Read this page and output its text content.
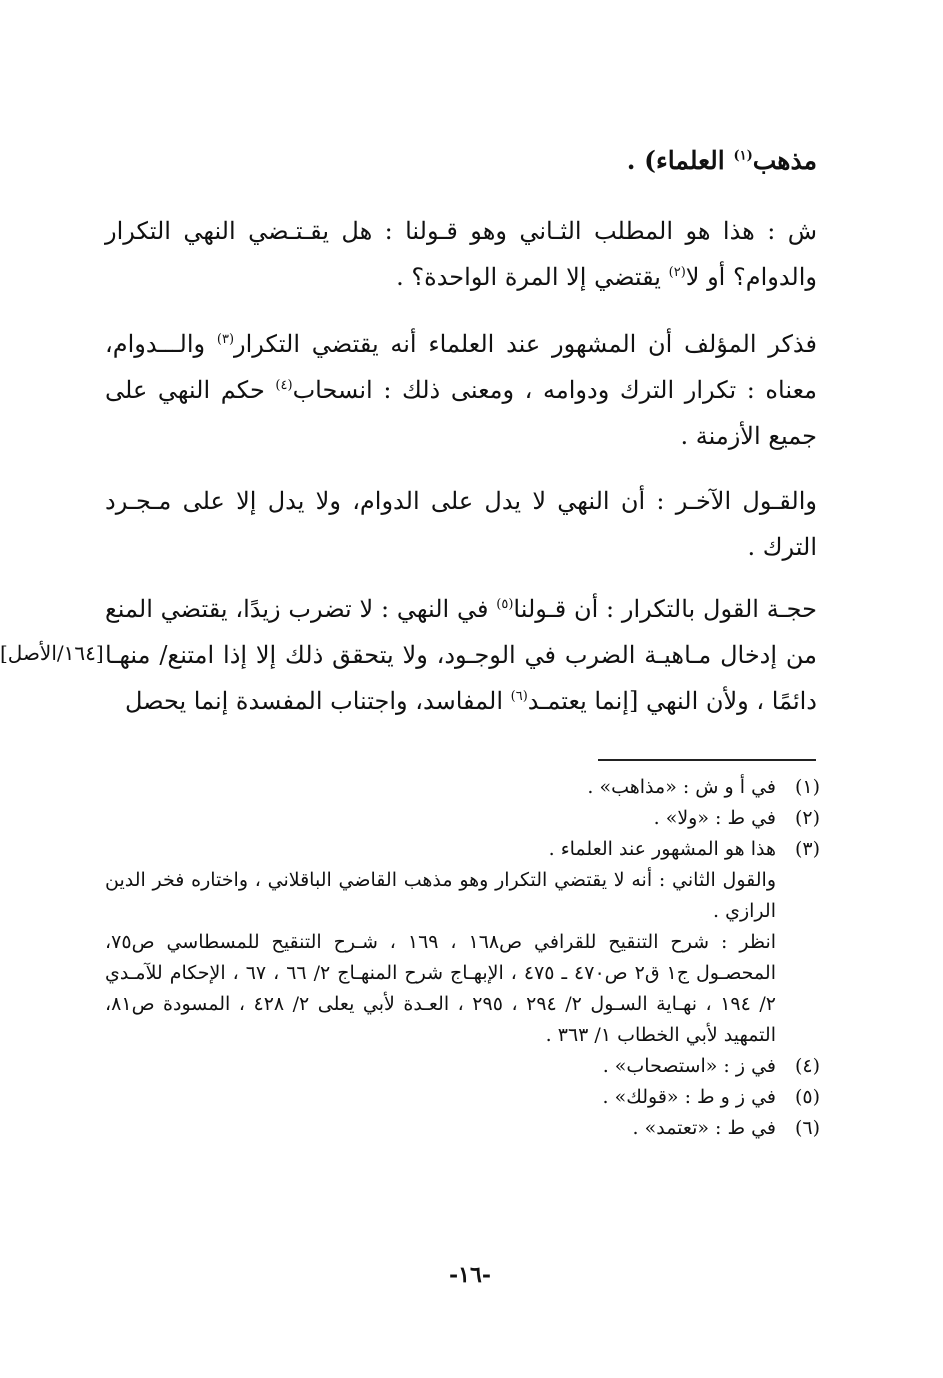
مذهب$^{(١)}$ العلماء) .
ش : هذا هو المطلب الثـاني وهو قـولنا : هل يقـتـضي النهي التكرار والدوام؟ أو لا$^{(٢)}$ يقتضي إلا المرة الواحدة؟ .
فذكر المؤلف أن المشهور عند العلماء أنه يقتضي التكرار$^{(٣)}$ والـــدوام، معناه : تكرار الترك ودوامه ، ومعنى ذلك : انسحاب$^{(٤)}$ حكم النهي على جميع الأزمنة .
والقـول الآخـر : أن النهي لا يدل على الدوام، ولا يدل إلا على مـجـرد الترك .
حجـة القول بالتكرار : أن قـولنا$^{(٥)}$ في النهي : لا تضرب زيدًا، يقتضي المنع من إدخال مـاهيـة الضرب في الوجـود، ولا يتحقق ذلك إلا إذا امتنع/ منهـا دائمًا ، ولأن النهي [إنما يعتمـد$^{(٦)}$ المفاسد، واجتناب المفسدة إنما يحصل
[١٦٤/الأصل]
(١)
في أ و ش : «مذاهب» .
(٢)
في ط : «ولا» .
(٣)
هذا هو المشهور عند العلماء .
والقول الثاني : أنه لا يقتضي التكرار وهو مذهب القاضي الباقلاني ، واختاره فخر الدين الرازي .
انظر : شرح التنقيح للقرافي ص١٦٨ ، ١٦٩ ، شـرح التنقيح للمسطاسي ص٧٥، المحصـول ج١ ق٢ ص٤٧٠ ـ ٤٧٥ ، الإبهـاج شرح المنهـاج ٢/ ٦٦ ، ٦٧ ، الإحكام للآمـدي ٢/ ١٩٤ ، نهـاية السـول ٢/ ٢٩٤ ، ٢٩٥ ، العـدة لأبي يعلى ٢/ ٤٢٨ ، المسودة ص٨١، التمهيد لأبي الخطاب ١/ ٣٦٣ .
(٤)
في ز : «استصحاب» .
(٥)
في ز و ط : «قولك» .
(٦)
في ط : «تعتمد» .
-١٦-
